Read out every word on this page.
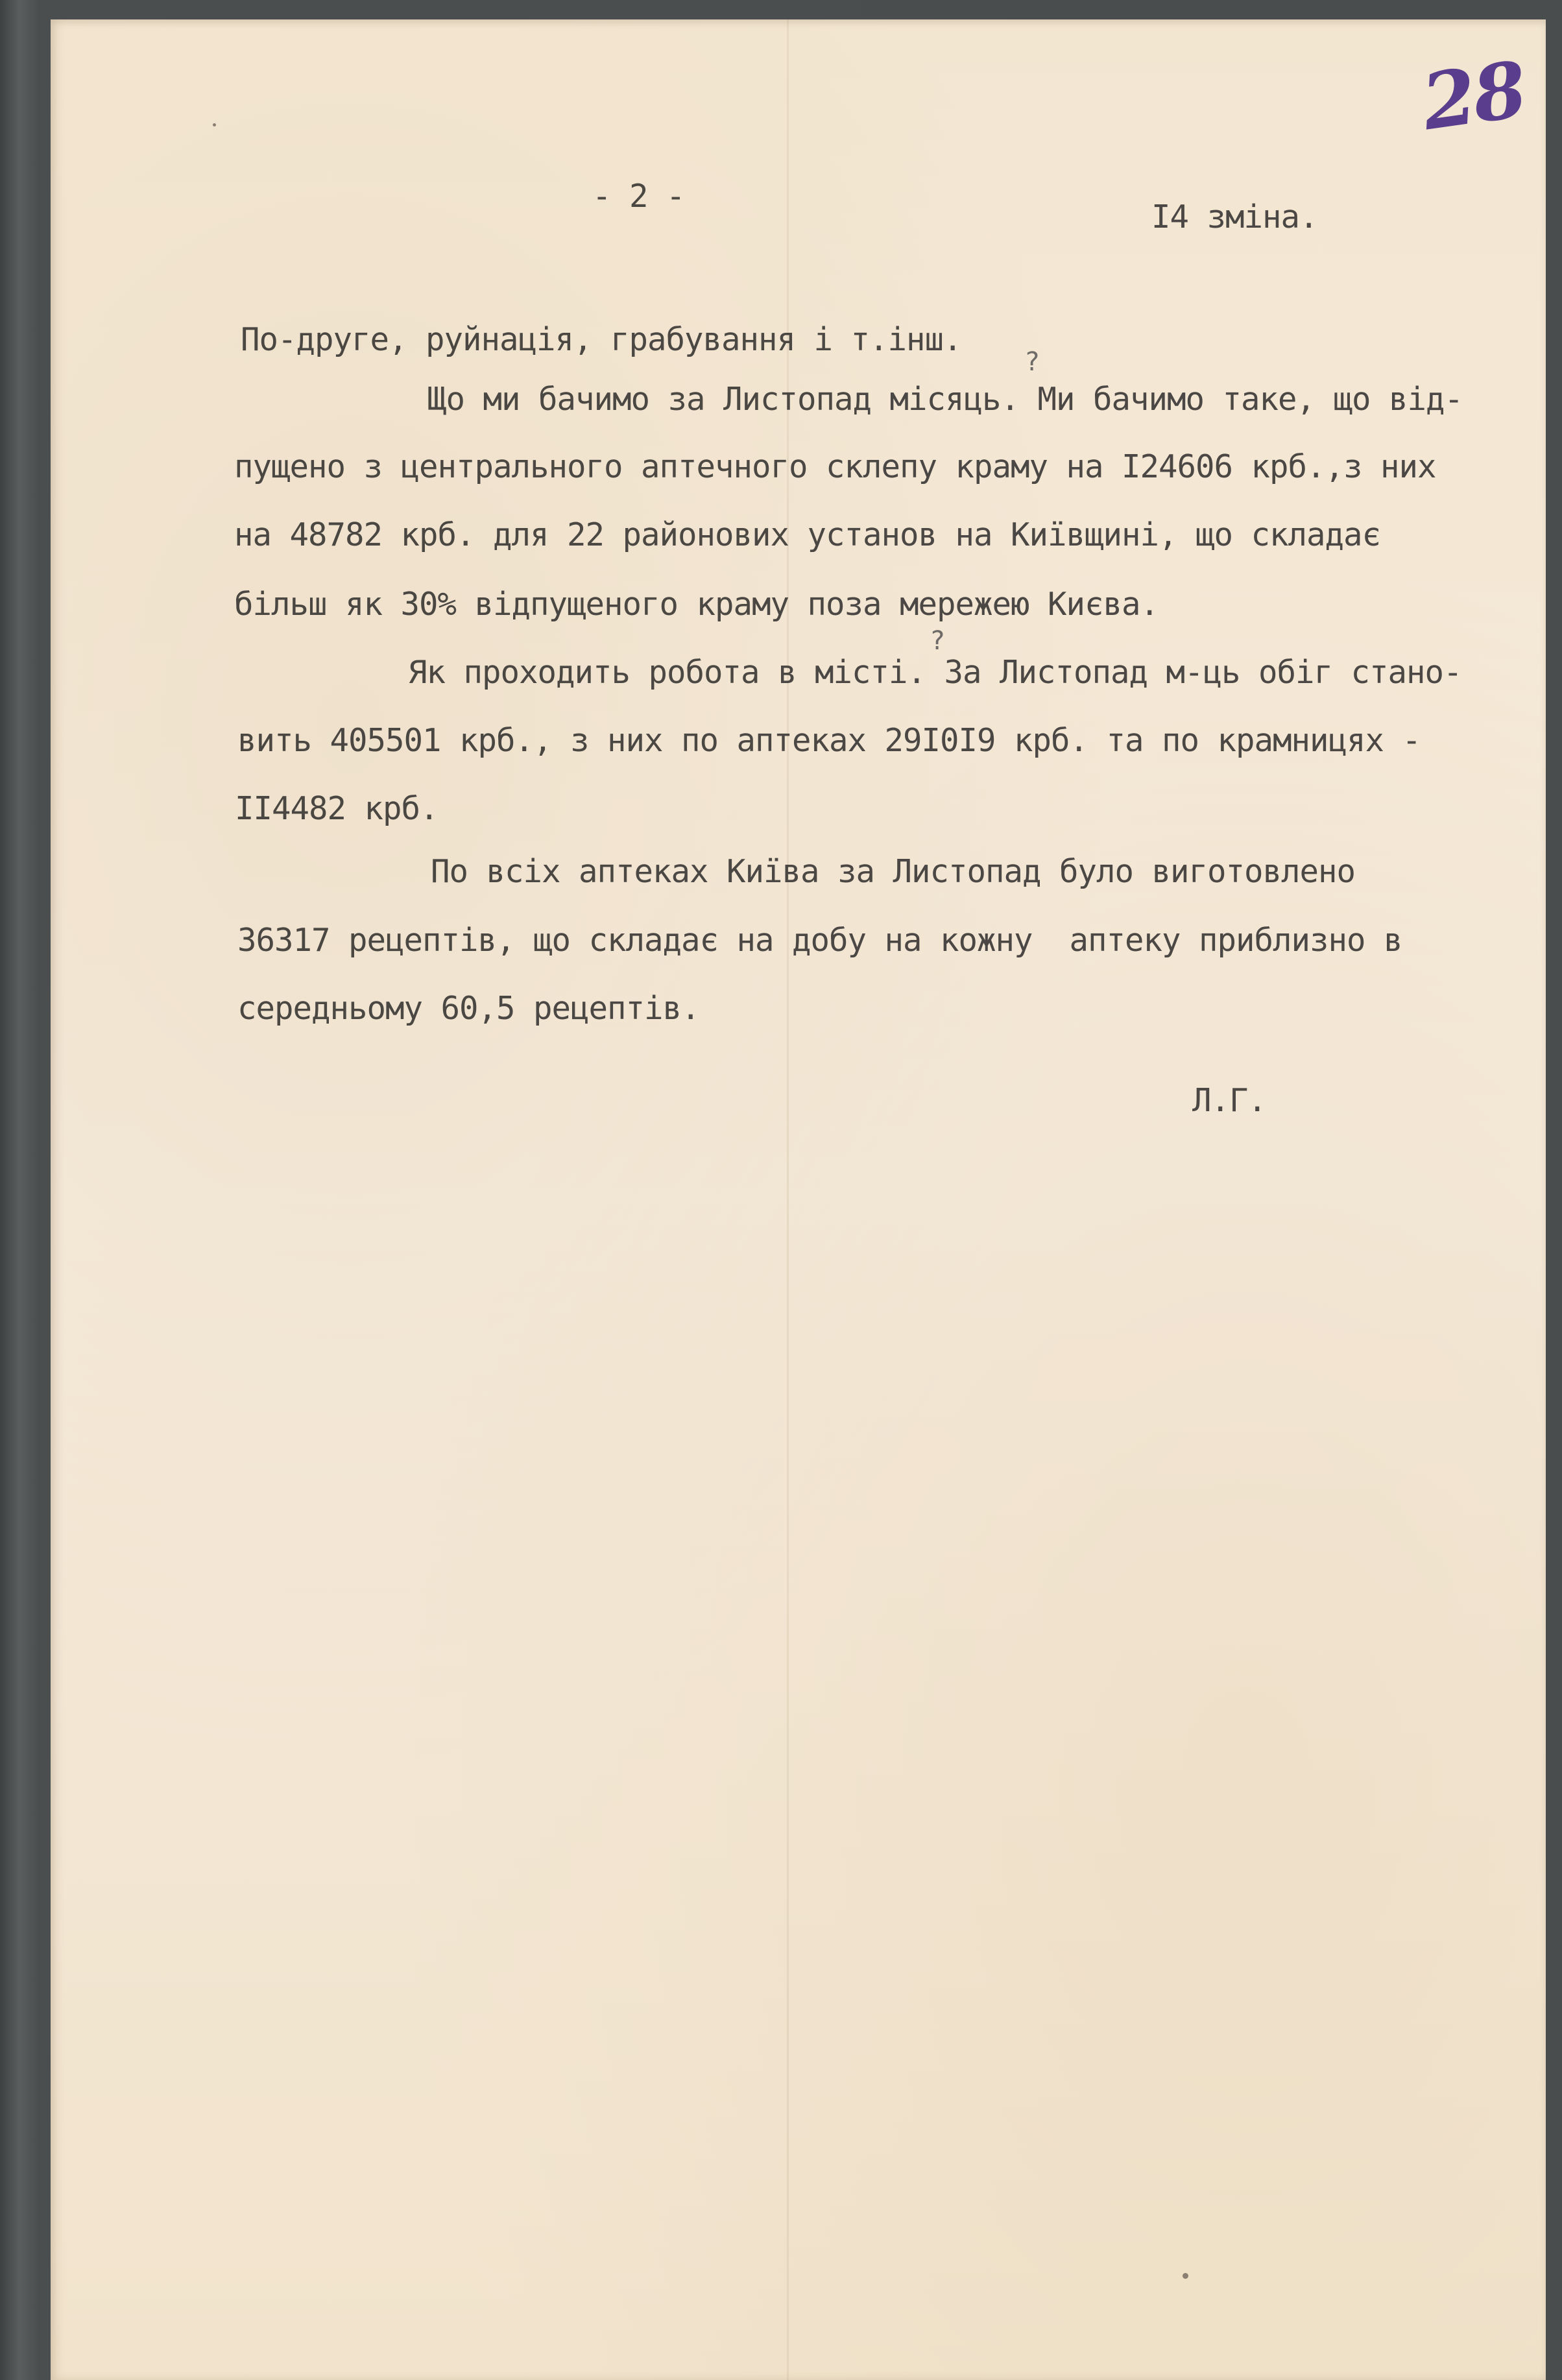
28
- 2 -
I4 зміна.
По-друге, руйнація, грабування і т.інш.
Що ми бачимо за Листопад місяць. Ми бачимо таке, що від-
?
пущено з центрального аптечного склепу краму на I24606 крб.,з них
на 48782 крб. для 22 районових установ на Київщині, що складає
більш як 30% відпущеного краму поза мережею Києва.
Як проходить робота в місті. За Листопад м-ць обіг стано-
?
вить 405501 крб., з них по аптеках 29I0I9 крб. та по крамницях -
II4482 крб.
По всіх аптеках Київа за Листопад було виготовлено
36317 рецептів, що складає на добу на кожну  аптеку приблизно в
середньому 60,5 рецептів.
Л.Г.
